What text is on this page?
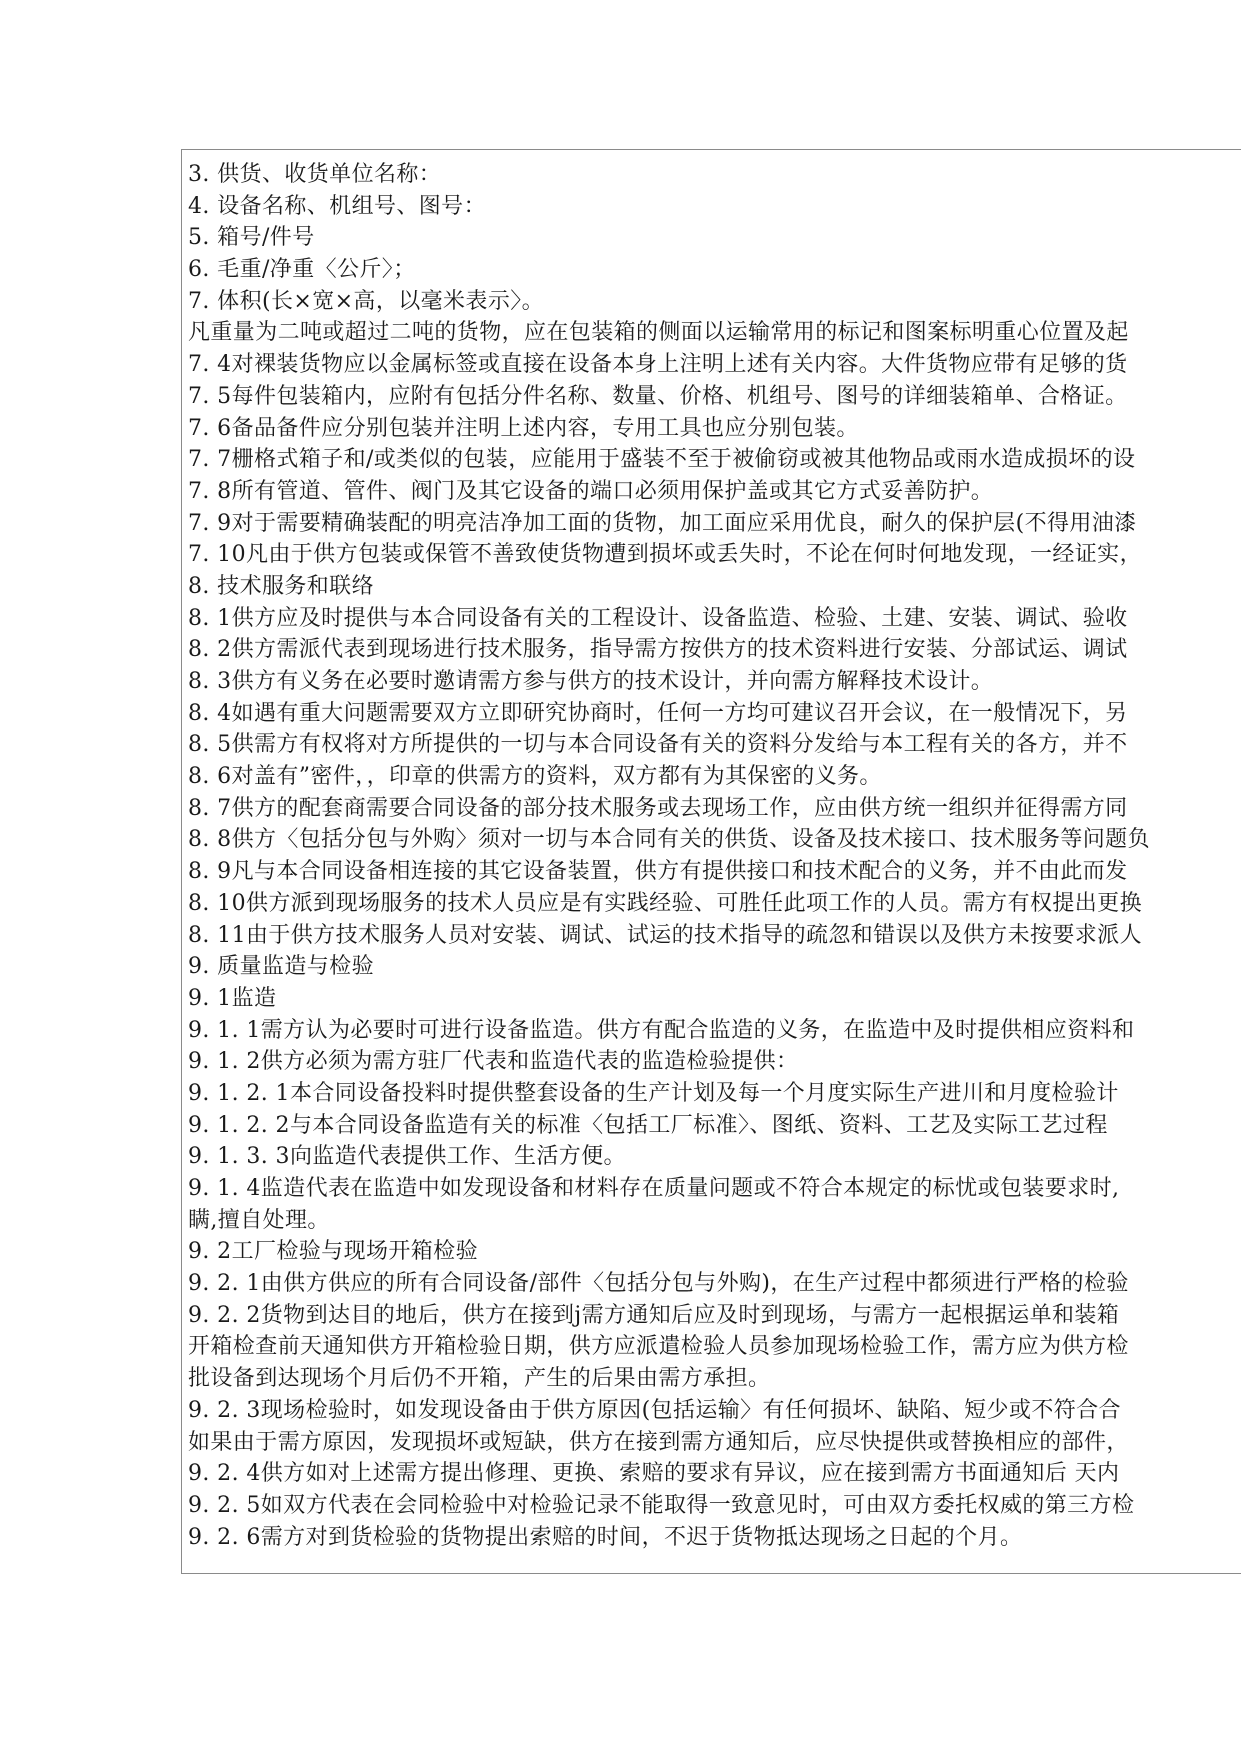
3. 供货、收货单位名称：
4. 设备名称、机组号、图号：
5. 箱号/件号
6. 毛重/净重〈公斤〉；
7. 体积(长×宽×高，以毫米表示〉。
凡重量为二吨或超过二吨的货物，应在包装箱的侧面以运输常用的标记和图案标明重心位置及起
7. 4对裸装货物应以金属标签或直接在设备本身上注明上述有关内容。大件货物应带有足够的货
7. 5每件包装箱内，应附有包括分件名称、数量、价格、机组号、图号的详细装箱单、合格证。
7. 6备品备件应分别包装并注明上述内容，专用工具也应分别包装。
7. 7栅格式箱子和/或类似的包装，应能用于盛装不至于被偷窃或被其他物品或雨水造成损坏的设
7. 8所有管道、管件、阀门及其它设备的端口必须用保护盖或其它方式妥善防护。
7. 9对于需要精确装配的明亮洁净加工面的货物，加工面应采用优良，耐久的保护层(不得用油漆
7. 10凡由于供方包装或保管不善致使货物遭到损坏或丢失时，不论在何时何地发现，一经证实，
8. 技术服务和联络
8. 1供方应及时提供与本合同设备有关的工程设计、设备监造、检验、土建、安装、调试、验收
8. 2供方需派代表到现场进行技术服务，指导需方按供方的技术资料进行安装、分部试运、调试
8. 3供方有义务在必要时邀请需方参与供方的技术设计，并向需方解释技术设计。
8. 4如遇有重大问题需要双方立即研究协商时，任何一方均可建议召开会议，在一般情况下，另
8. 5供需方有权将对方所提供的一切与本合同设备有关的资料分发给与本工程有关的各方，并不
8. 6对盖有”密件，，印章的供需方的资料，双方都有为其保密的义务。
8. 7供方的配套商需要合同设备的部分技术服务或去现场工作，应由供方统一组织并征得需方同
8. 8供方〈包括分包与外购〉须对一切与本合同有关的供货、设备及技术接口、技术服务等问题负
8. 9凡与本合同设备相连接的其它设备装置，供方有提供接口和技术配合的义务，并不由此而发
8. 10供方派到现场服务的技术人员应是有实践经验、可胜任此项工作的人员。需方有权提出更换
8. 11由于供方技术服务人员对安装、调试、试运的技术指导的疏忽和错误以及供方未按要求派人
9. 质量监造与检验
9. 1监造
9. 1. 1需方认为必要时可进行设备监造。供方有配合监造的义务，在监造中及时提供相应资料和
9. 1. 2供方必须为需方驻厂代表和监造代表的监造检验提供：
9. 1. 2. 1本合同设备投料时提供整套设备的生产计划及每一个月度实际生产进川和月度检验计
9. 1. 2. 2与本合同设备监造有关的标准〈包括工厂标准〉、图纸、资料、工艺及实际工艺过程
9. 1. 3. 3向监造代表提供工作、生活方便。
9. 1. 4监造代表在监造中如发现设备和材料存在质量问题或不符合本规定的标忧或包装要求时,
瞒,擅自处理。
9. 2工厂检验与现场开箱检验
9. 2. 1由供方供应的所有合同设备/部件〈包括分包与外购)，在生产过程中都须进行严格的检验
9. 2. 2货物到达目的地后，供方在接到j需方通知后应及时到现场，与需方一起根据运单和装箱
开箱检查前天通知供方开箱检验日期，供方应派遣检验人员参加现场检验工作，需方应为供方检
批设备到达现场个月后仍不开箱，产生的后果由需方承担。
9. 2. 3现场检验时，如发现设备由于供方原因(包括运输〉有任何损坏、缺陷、短少或不符合合
如果由于需方原因，发现损坏或短缺，供方在接到需方通知后，应尽快提供或替换相应的部件，
9. 2. 4供方如对上述需方提出修理、更换、索赔的要求有异议，应在接到需方书面通知后 天内
9. 2. 5如双方代表在会同检验中对检验记录不能取得一致意见时，可由双方委托权威的第三方检
9. 2. 6需方对到货检验的货物提出索赔的时间，不迟于货物抵达现场之日起的个月。
